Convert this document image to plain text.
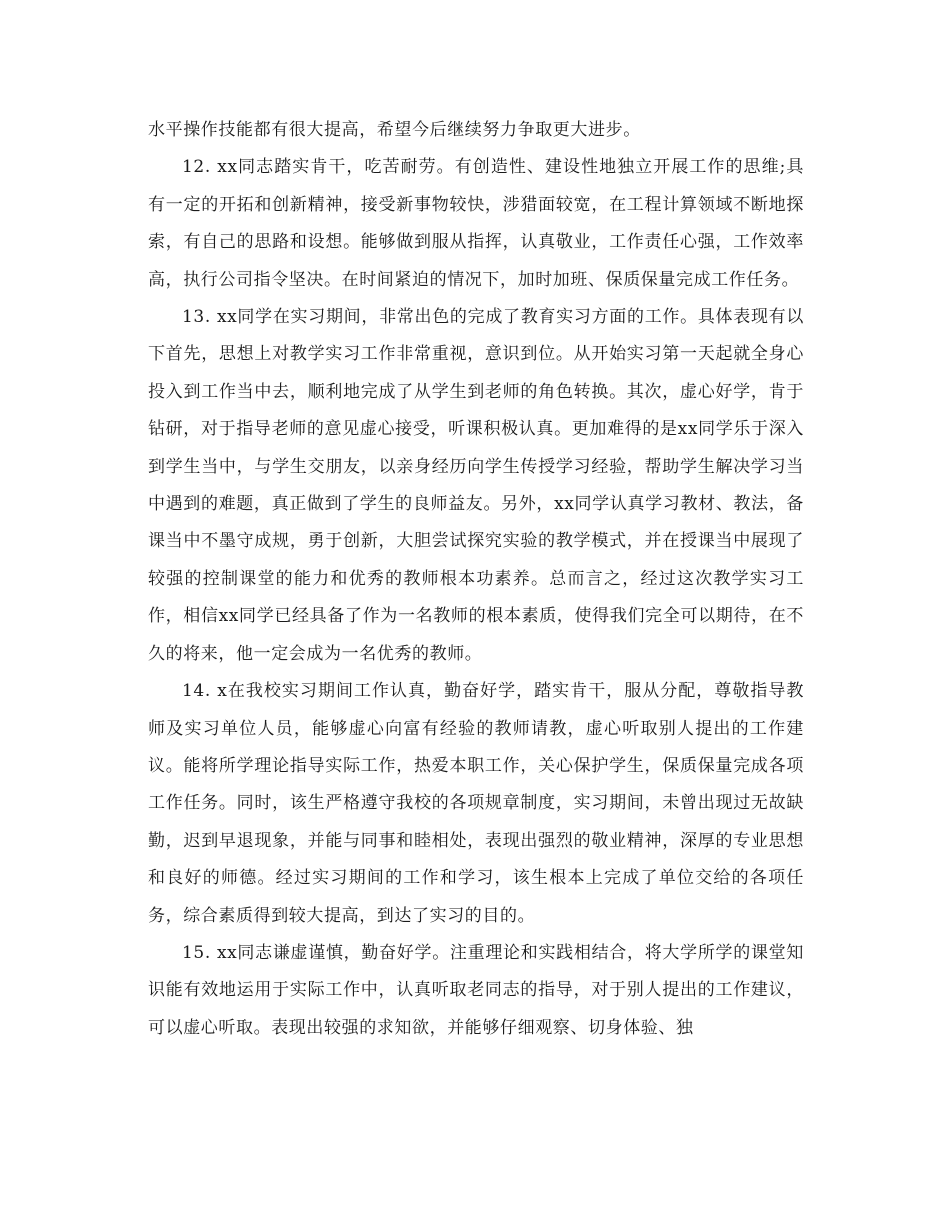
水平操作技能都有很大提高，希望今后继续努力争取更大进步。

12. xx同志踏实肯干，吃苦耐劳。有创造性、建设性地独立开展工作的思维;具有一定的开拓和创新精神，接受新事物较快，涉猎面较宽，在工程计算领域不断地探索，有自己的思路和设想。能够做到服从指挥，认真敬业，工作责任心强，工作效率高，执行公司指令坚决。在时间紧迫的情况下，加时加班、保质保量完成工作任务。

13. xx同学在实习期间，非常出色的完成了教育实习方面的工作。具体表现有以下首先，思想上对教学实习工作非常重视，意识到位。从开始实习第一天起就全身心投入到工作当中去，顺利地完成了从学生到老师的角色转换。其次，虚心好学，肯于钻研，对于指导老师的意见虚心接受，听课积极认真。更加难得的是xx同学乐于深入到学生当中，与学生交朋友，以亲身经历向学生传授学习经验，帮助学生解决学习当中遇到的难题，真正做到了学生的良师益友。另外，xx同学认真学习教材、教法，备课当中不墨守成规，勇于创新，大胆尝试探究实验的教学模式，并在授课当中展现了较强的控制课堂的能力和优秀的教师根本功素养。总而言之，经过这次教学实习工作，相信xx同学已经具备了作为一名教师的根本素质，使得我们完全可以期待，在不久的将来，他一定会成为一名优秀的教师。

14. x在我校实习期间工作认真，勤奋好学，踏实肯干，服从分配，尊敬指导教师及实习单位人员，能够虚心向富有经验的教师请教，虚心听取别人提出的工作建议。能将所学理论指导实际工作，热爱本职工作，关心保护学生，保质保量完成各项工作任务。同时，该生严格遵守我校的各项规章制度，实习期间，未曾出现过无故缺勤，迟到早退现象，并能与同事和睦相处，表现出强烈的敬业精神，深厚的专业思想和良好的师德。经过实习期间的工作和学习，该生根本上完成了单位交给的各项任务，综合素质得到较大提高，到达了实习的目的。

15. xx同志谦虚谨慎，勤奋好学。注重理论和实践相结合，将大学所学的课堂知识能有效地运用于实际工作中，认真听取老同志的指导，对于别人提出的工作建议，可以虚心听取。表现出较强的求知欲，并能够仔细观察、切身体验、独
